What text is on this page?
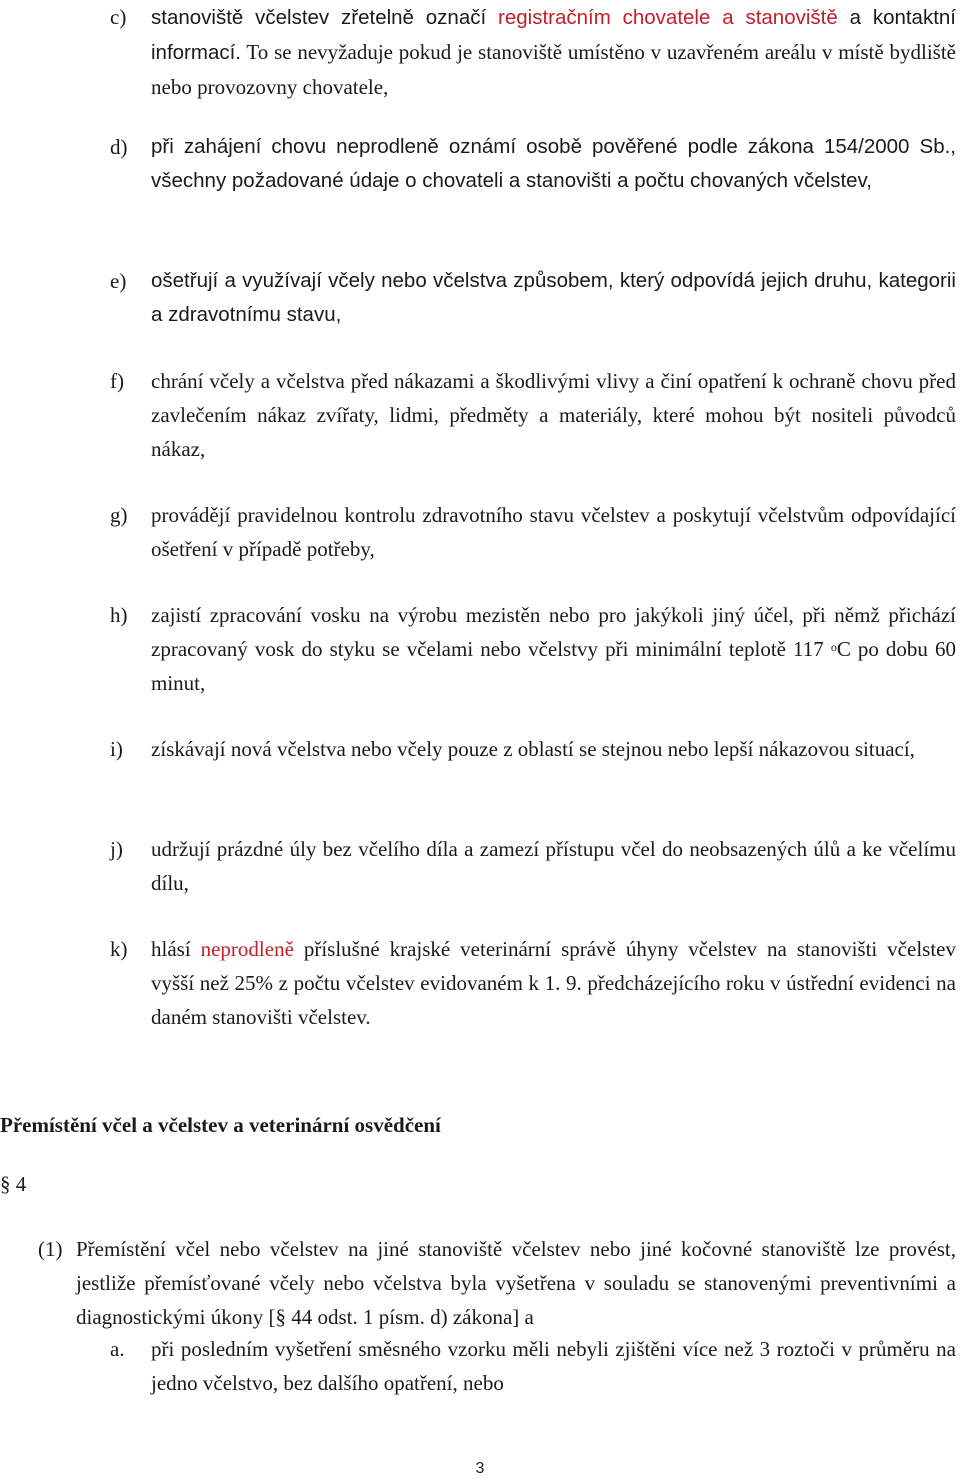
c)	stanoviště včelstev zřetelně označí registračním chovatele a stanoviště a kontaktní informací. To se nevyžaduje pokud je stanoviště umístěno v uzavřeném areálu v místě bydliště nebo provozovny chovatele,
d)	při zahájení chovu neprodleně oznámí osobě pověřené podle zákona 154/2000 Sb., všechny požadované údaje o chovateli a stanovišti a počtu chovaných včelstev,
e)	ošetřují a využívají včely nebo včelstva způsobem, který odpovídá jejich druhu, kategorii a zdravotnímu stavu,
f)	chrání včely a včelstva před nákazami a škodlivými vlivy a činí opatření k ochraně chovu před zavlečením nákaz zvířaty, lidmi, předměty a materiály, které mohou být nositeli původců nákaz,
g)	provádějí pravidelnou kontrolu zdravotního stavu včelstev a poskytují včelstvům odpovídající ošetření v případě potřeby,
h)	zajistí zpracování vosku na výrobu mezistěn nebo pro jakýkoli jiný účel, při němž přichází zpracovaný vosk do styku se včelami nebo včelstvy při minimální teplotě 117 $^o$C po dobu 60 minut,
i)	získávají nová včelstva nebo včely pouze z oblastí se stejnou nebo lepší nákazovou situací,
j)	udržují prázdné úly bez včelího díla a zamezí přístupu včel do neobsazených úlů a ke včelímu dílu,
k)	hlásí neprodleně příslušné krajské veterinární správě úhyny včelstev na stanovišti včelstev vyšší než 25% z počtu včelstev evidovaném k 1. 9. předcházejícího roku v ústřední evidenci na daném stanovišti včelstev.
Přemístění včel a včelstev a veterinární osvědčení
§ 4
(1) Přemístění včel nebo včelstev na jiné stanoviště včelstev nebo jiné kočovné stanoviště lze provést, jestliže přemísťované včely nebo včelstva byla vyšetřena v souladu se stanovenými preventivními a diagnostickými úkony [§ 44 odst. 1 písm. d) zákona] a
a.	při posledním vyšetření směsného vzorku měli nebyli zjištěni více než 3 roztoči v průměru na jedno včelstvo, bez dalšího opatření, nebo
3
